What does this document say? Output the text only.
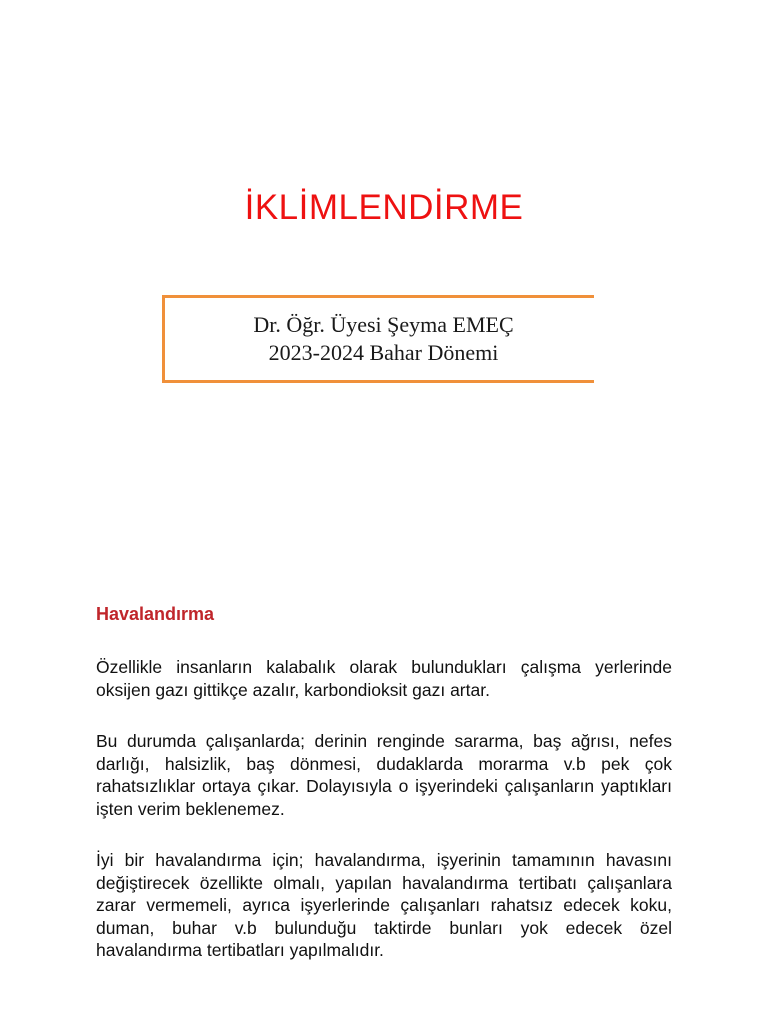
İKLİMLENDİRME
Dr. Öğr. Üyesi Şeyma EMEÇ
2023-2024 Bahar Dönemi
Havalandırma

Özellikle insanların kalabalık olarak bulundukları çalışma yerlerinde oksijen gazı gittikçe azalır, karbondioksit gazı artar.

Bu durumda çalışanlarda; derinin renginde sararma, baş ağrısı, nefes darlığı, halsizlik, baş dönmesi, dudaklarda morarma v.b pek çok rahatsızlıklar ortaya çıkar. Dolayısıyla o işyerindeki çalışanların yaptıkları işten verim beklenemez.

İyi bir havalandırma için; havalandırma, işyerinin tamamının havasını değiştirecek özellikte olmalı, yapılan havalandırma tertibatı çalışanlara zarar vermemeli, ayrıca işyerlerinde çalışanları rahatsız edecek koku, duman, buhar v.b bulunduğu taktirde bunları yok edecek özel havalandırma tertibatları yapılmalıdır.
